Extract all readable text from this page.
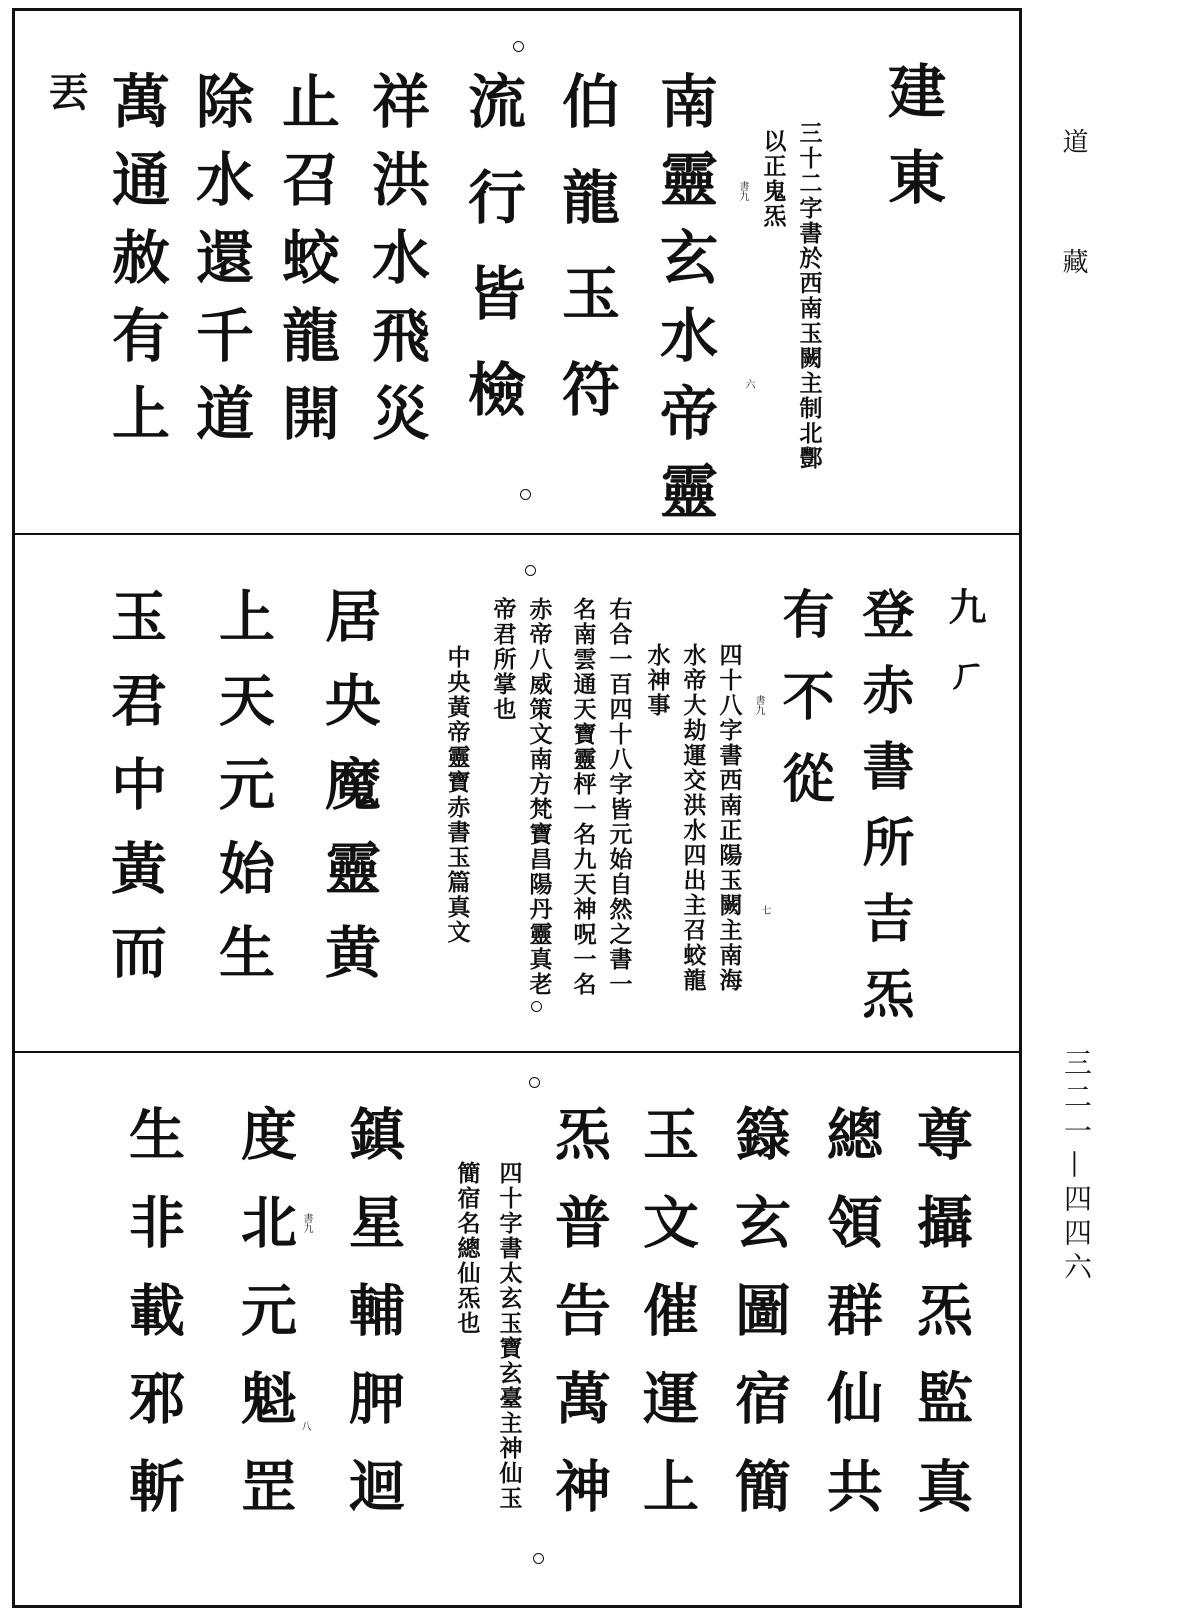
道
藏
三二一—四四六
建東
三十二字書於西南玉闕主制北酆
以正鬼炁
書九
六
南靈玄水帝靈
伯龍玉符
流行皆檢
祥洪水飛災
止召蛟龍開
除水還千道
萬通赦有上
丟
九ㄏ
登赤書所吉炁
有不從
書九
七
四十八字書西南正陽玉闕主南海
水帝大劫運交洪水四出主召蛟龍
水神事
右合一百四十八字皆元始自然之書一
名南雲通天寶靈枰一名九天神呪一名
赤帝八威策文南方梵寶昌陽丹靈真老
帝君所掌也
中央黃帝靈寶赤書玉篇真文
居央魔靈黄
上天元始生
玉君中黃而
尊攝炁監真
總領群仙共
籙玄圖宿簡
玉文催運上
炁普告萬神
四十字書太玄玉寶玄臺主神仙玉
簡宿名總仙炁也
鎮星輔胛迴
書九
八
度北元魁罡
生非載邪斬
